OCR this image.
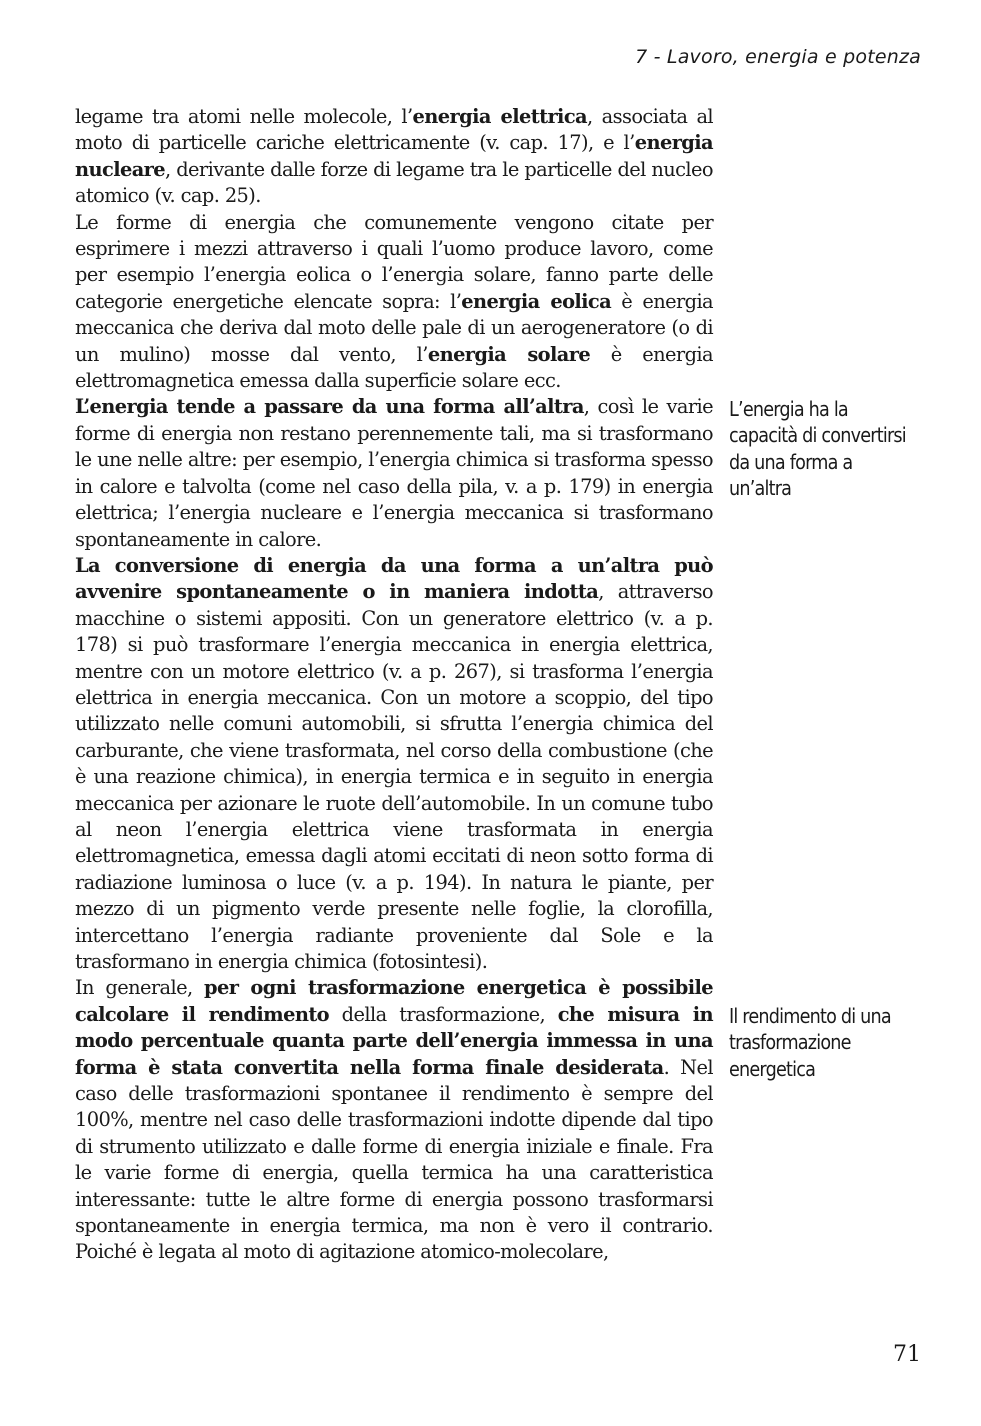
7 - Lavoro, energia e potenza

legame tra atomi nelle molecole, l’energia elettrica, associata al moto di particelle cariche elettricamente (v. cap. 17), e l’energia nucleare, derivante dalle forze di legame tra le particelle del nucleo atomico (v. cap. 25).

Le forme di energia che comunemente vengono citate per esprimere i mezzi attraverso i quali l’uomo produce lavoro, come per esempio l’energia eolica o l’energia solare, fanno parte delle categorie energetiche elencate sopra: l’energia eolica è energia meccanica che deriva dal moto delle pale di un aerogeneratore (o di un mulino) mosse dal vento, l’energia solare è energia elettromagnetica emessa dalla superficie solare ecc.

L’energia tende a passare da una forma all’altra, così le varie forme di energia non restano perennemente tali, ma si trasformano le une nelle altre: per esempio, l’energia chimica si trasforma spesso in calore e talvolta (come nel caso della pila, v. a p. 179) in energia elettrica; l’energia nucleare e l’energia meccanica si trasformano spontaneamente in calore.

La conversione di energia da una forma a un’altra può avvenire spontaneamente o in maniera indotta, attraverso macchine o sistemi appositi. Con un generatore elettrico (v. a p. 178) si può trasformare l’energia meccanica in energia elettrica, mentre con un motore elettrico (v. a p. 267), si trasforma l’energia elettrica in energia meccanica. Con un motore a scoppio, del tipo utilizzato nelle comuni automobili, si sfrutta l’energia chimica del carburante, che viene trasformata, nel corso della combustione (che è una reazione chimica), in energia termica e in seguito in energia meccanica per azionare le ruote dell’automobile. In un comune tubo al neon l’energia elettrica viene trasformata in energia elettromagnetica, emessa dagli atomi eccitati di neon sotto forma di radiazione luminosa o luce (v. a p. 194). In natura le piante, per mezzo di un pigmento verde presente nelle foglie, la clorofilla, intercettano l’energia radiante proveniente dal Sole e la trasformano in energia chimica (fotosintesi).

In generale, per ogni trasformazione energetica è possibile calcolare il rendimento della trasformazione, che misura in modo percentuale quanta parte dell’energia immessa in una forma è stata convertita nella forma finale desiderata. Nel caso delle trasformazioni spontanee il rendimento è sempre del 100%, mentre nel caso delle trasformazioni indotte dipende dal tipo di strumento utilizzato e dalle forme di energia iniziale e finale. Fra le varie forme di energia, quella termica ha una caratteristica interessante: tutte le altre forme di energia possono trasformarsi spontaneamente in energia termica, ma non è vero il contrario. Poiché è legata al moto di agitazione atomico-molecolare,

L’energia ha la capacità di convertirsi da una forma a un’altra
Il rendimento di una trasformazione energetica
71
